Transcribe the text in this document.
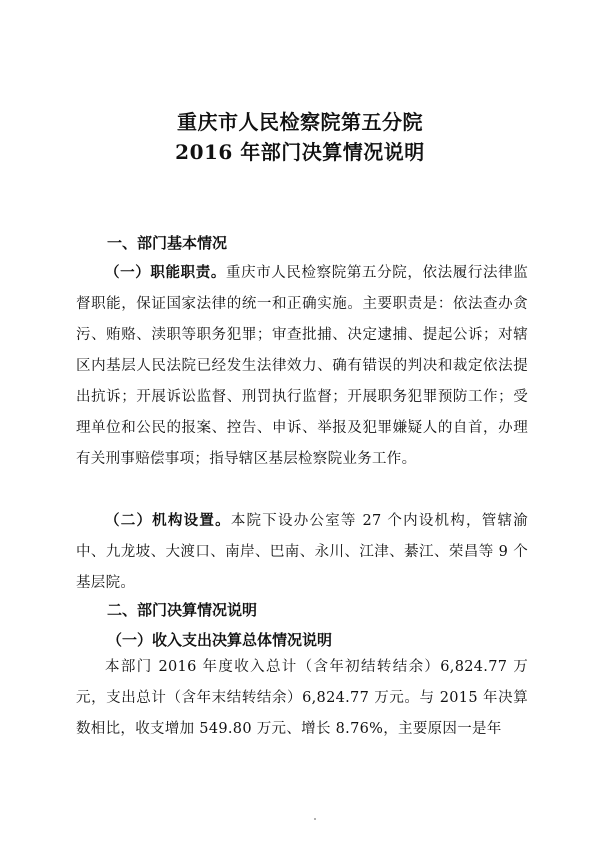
重庆市人民检察院第五分院
2016 年部门决算情况说明
一、部门基本情况

（一）职能职责。重庆市人民检察院第五分院，依法履行法律监督职能，保证国家法律的统一和正确实施。主要职责是：依法查办贪污、贿赂、渎职等职务犯罪；审查批捕、决定逮捕、提起公诉；对辖区内基层人民法院已经发生法律效力、确有错误的判决和裁定依法提出抗诉；开展诉讼监督、刑罚执行监督；开展职务犯罪预防工作；受理单位和公民的报案、控告、申诉、举报及犯罪嫌疑人的自首，办理有关刑事赔偿事项；指导辖区基层检察院业务工作。

（二）机构设置。本院下设办公室等 27 个内设机构，管辖渝中、九龙坡、大渡口、南岸、巴南、永川、江津、綦江、荣昌等 9 个基层院。

二、部门决算情况说明
（一）收入支出决算总体情况说明

本部门 2016 年度收入总计（含年初结转结余）6,824.77 万元，支出总计（含年末结转结余）6,824.77 万元。与 2015 年决算数相比，收支增加 549.80 万元、增长 8.76%，主要原因一是年
